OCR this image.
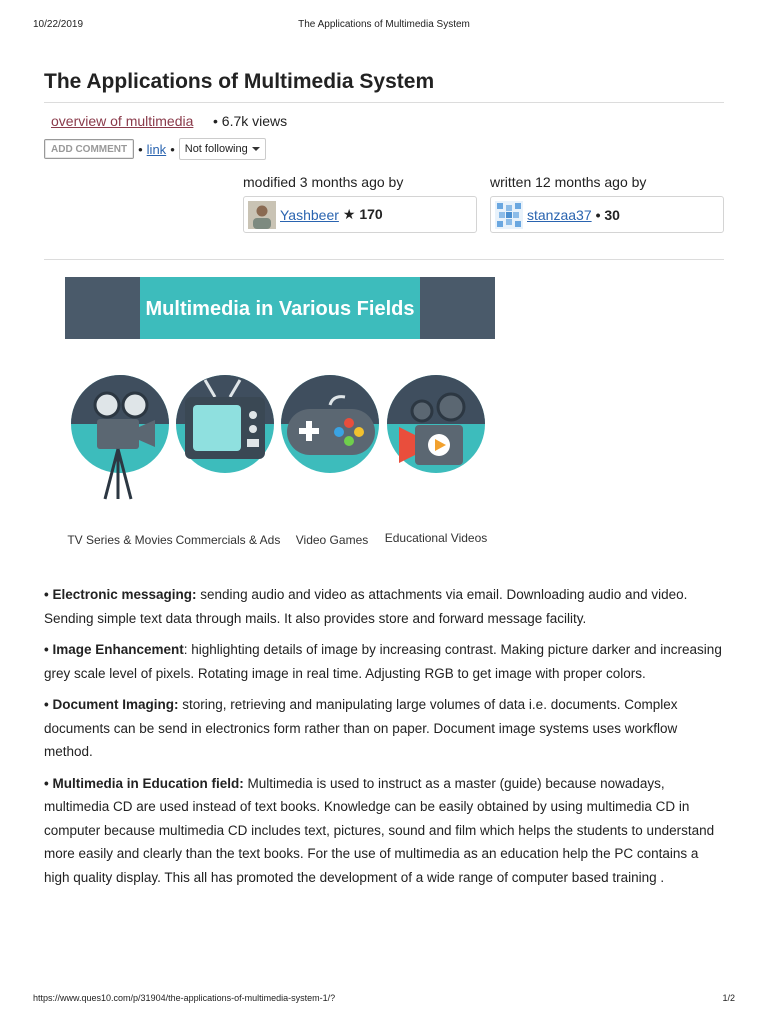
10/22/2019	The Applications of Multimedia System
The Applications of Multimedia System
overview of multimedia • 6.7k views
ADD COMMENT • link • Not following
modified 3 months ago by	written 12 months ago by
Yashbeer ★ 170	stanzaa37 • 30
Multimedia in Various Fields
TV Series & Movies Commercials & Ads Video Games Educational Videos

• Electronic messaging: sending audio and video as attachments via email. Downloading audio and video. Sending simple text data through mails. It also provides store and forward message facility.

• Image Enhancement: highlighting details of image by increasing contrast. Making picture darker and increasing grey scale level of pixels. Rotating image in real time. Adjusting RGB to get image with proper colors.

• Document Imaging: storing, retrieving and manipulating large volumes of data i.e. documents. Complex documents can be send in electronics form rather than on paper. Document image systems uses workflow method.

• Multimedia in Education field: Multimedia is used to instruct as a master (guide) because nowadays, multimedia CD are used instead of text books. Knowledge can be easily obtained by using multimedia CD in computer because multimedia CD includes text, pictures, sound and film which helps the students to understand more easily and clearly than the text books. For the use of multimedia as an education help the PC contains a high quality display. This all has promoted the development of a wide range of computer based training .

https://www.ques10.com/p/31904/the-applications-of-multimedia-system-1/?	1/2
